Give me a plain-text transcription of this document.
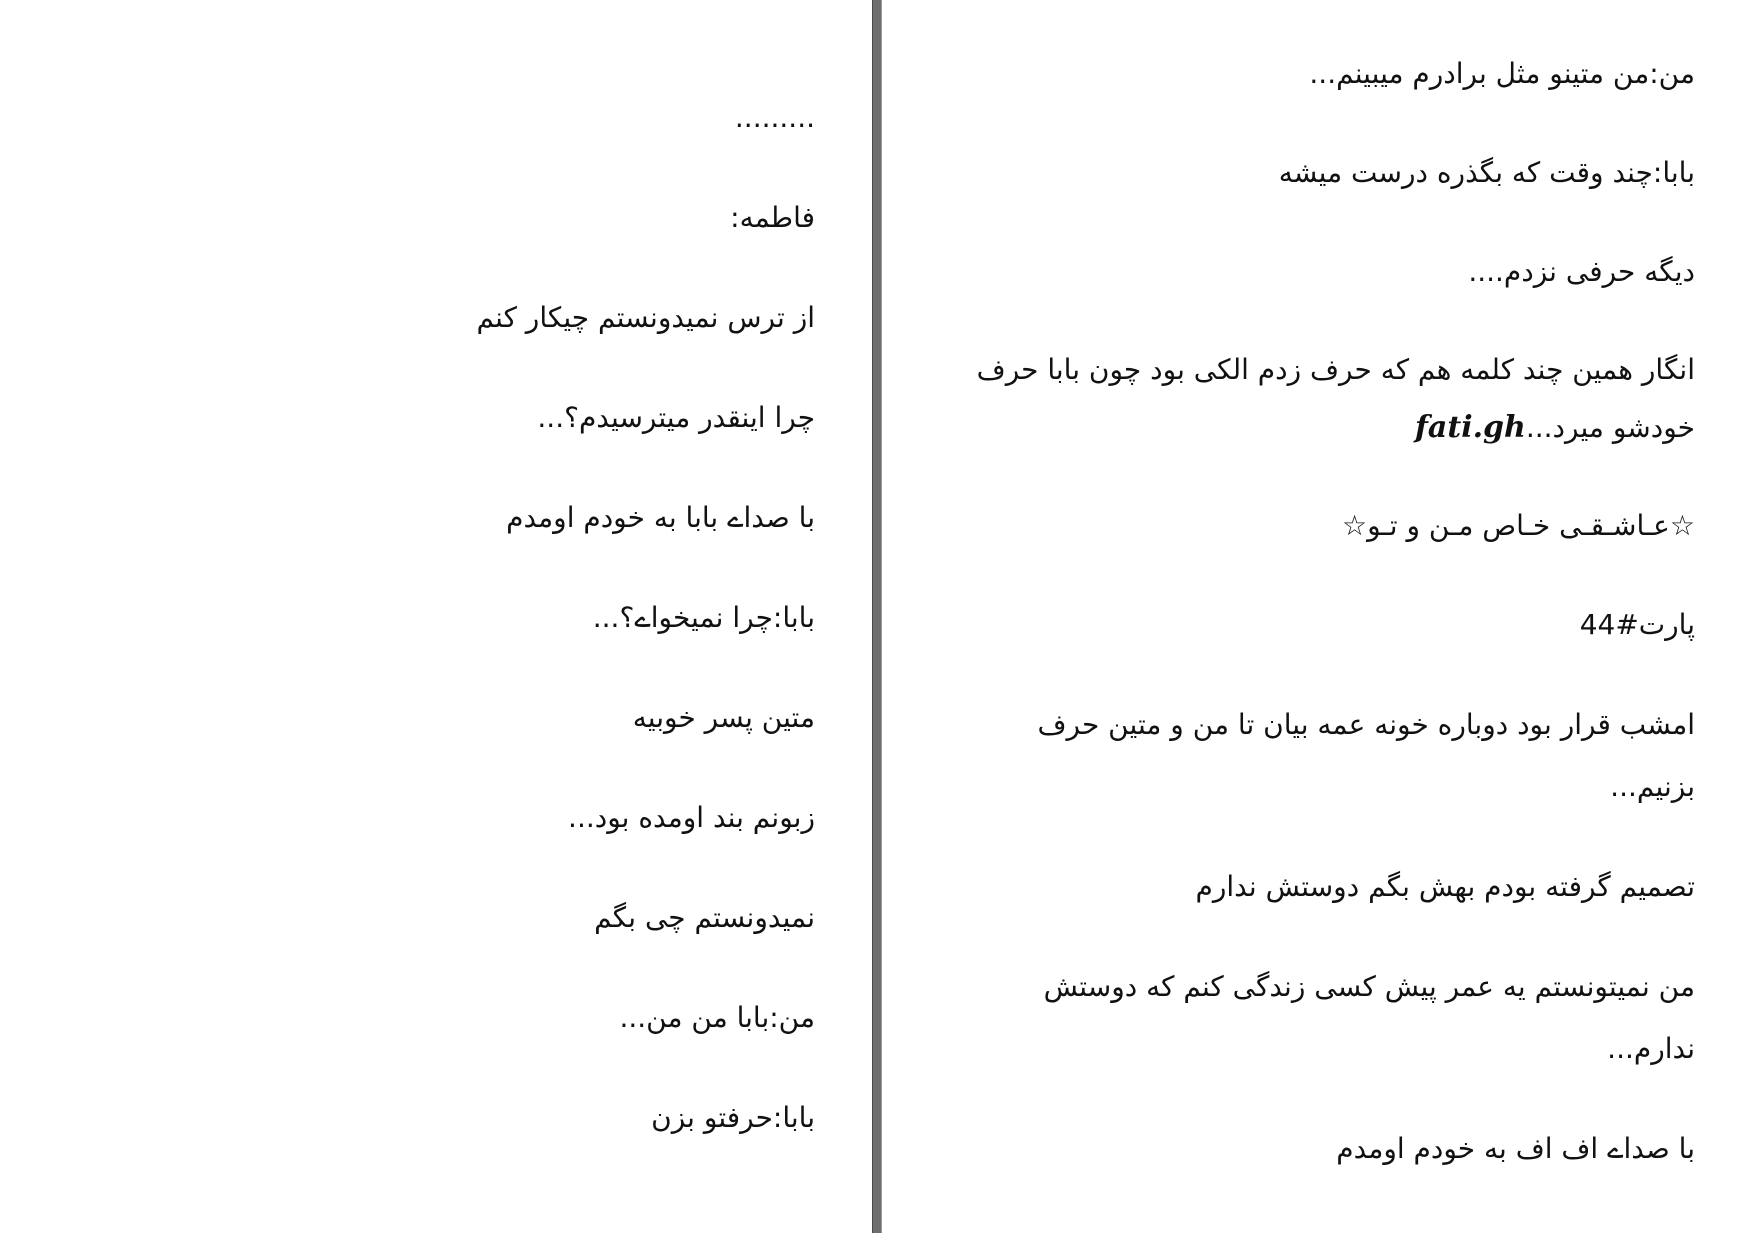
من:من متینو مثل برادرم میبینم...

بابا:چند وقت که بگذره درست میشه

دیگه حرفی نزدم....

انگار همین چند کلمه هم که حرف زدم الکی بود چون بابا حرف خودشو میرد...fati.gh

☆عـاشـقـی خـاص مـن و تـو☆

پارت#44

امشب قرار بود دوباره خونه عمه بیان تا من و متین حرف بزنیم...

تصمیم گرفته بودم بهش بگم دوستش ندارم

من نمیتونستم یه عمر پیش کسی زندگی کنم که دوستش ندارم...

با صداے اف اف به خودم اومدم

.........

فاطمه:

از ترس نمیدونستم چیکار کنم

چرا اینقدر میترسیدم؟...

با صداے بابا به خودم اومدم

بابا:چرا نمیخواے؟...

متین پسر خوبیه

زبونم بند اومده بود...

نمیدونستم چی بگم

من:بابا من من...

بابا:حرفتو بزن
